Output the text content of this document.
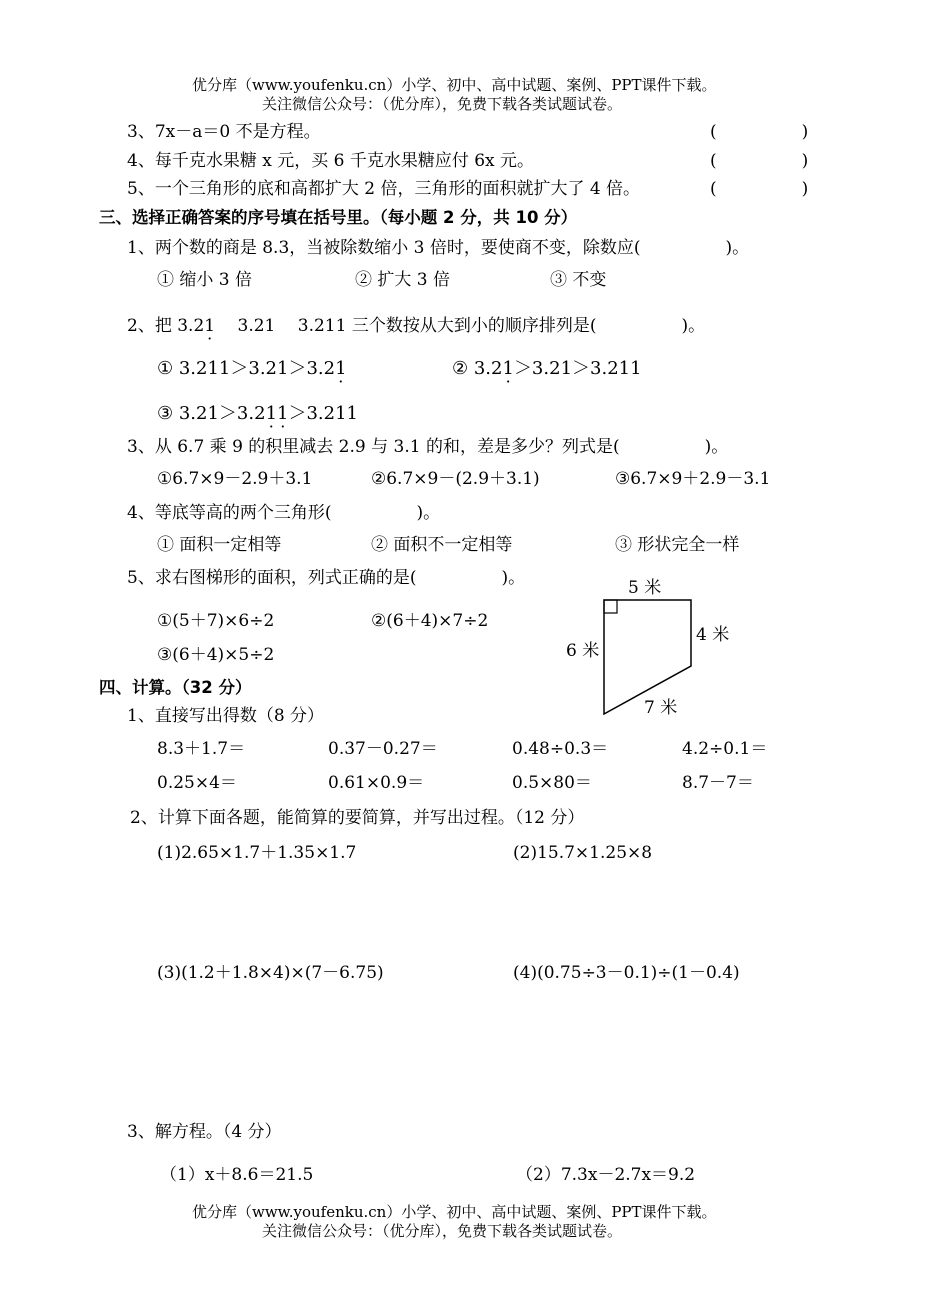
优分库（www.youfenku.cn）小学、初中、高中试题、案例、PPT课件下载。
关注微信公众号：（优分库），免费下载各类试题试卷。
3、7x－a＝0 不是方程。	(　　　　　)
4、每千克水果糖 x 元，买 6 千克水果糖应付 6x 元。	(　　　　　)
5、一个三角形的底和高都扩大 2 倍，三角形的面积就扩大了 4 倍。	(　　　　　)
三、选择正确答案的序号填在括号里。（每小题 2 分，共 10 分）
1、两个数的商是 8.3，当被除数缩小 3 倍时，要使商不变，除数应(　　　　　)。
① 缩小 3 倍	② 扩大 3 倍	③ 不变
2、把 3.21 ·　 3.21　 3.211 三个数按从大到小的顺序排列是(　　　　　)。
① 3.211＞3.21＞3.21 ·	② 3.21 ·＞3.21＞3.211
③ 3.21＞3.21 ·1 ·＞3.211
3、从 6.7 乘 9 的积里减去 2.9 与 3.1 的和，差是多少？列式是(　　　　　)。
①6.7×9－2.9＋3.1	②6.7×9－(2.9＋3.1)	③6.7×9＋2.9－3.1
4、等底等高的两个三角形(　　　　　)。
① 面积一定相等	② 面积不一定相等	③ 形状完全一样
5、求右图梯形的面积，列式正确的是(　　　　　)。
①(5＋7)×6÷2	②(6＋4)×7÷2
③(6＋4)×5÷2
5 米
6 米
4 米
7 米
四、计算。（32 分）
1、直接写出得数（8 分）
8.3＋1.7＝	0.37－0.27＝	0.48÷0.3＝	4.2÷0.1＝
0.25×4＝	0.61×0.9＝	0.5×80＝	8.7－7＝
2、计算下面各题，能简算的要简算，并写出过程。（12 分）
(1)2.65×1.7＋1.35×1.7	(2)15.7×1.25×8
(3)(1.2＋1.8×4)×(7－6.75)	(4)(0.75÷3－0.1)÷(1－0.4)
3、解方程。（4 分）
（1）x＋8.6＝21.5	（2）7.3x－2.7x＝9.2
优分库（www.youfenku.cn）小学、初中、高中试题、案例、PPT课件下载。
关注微信公众号：（优分库），免费下载各类试题试卷。
